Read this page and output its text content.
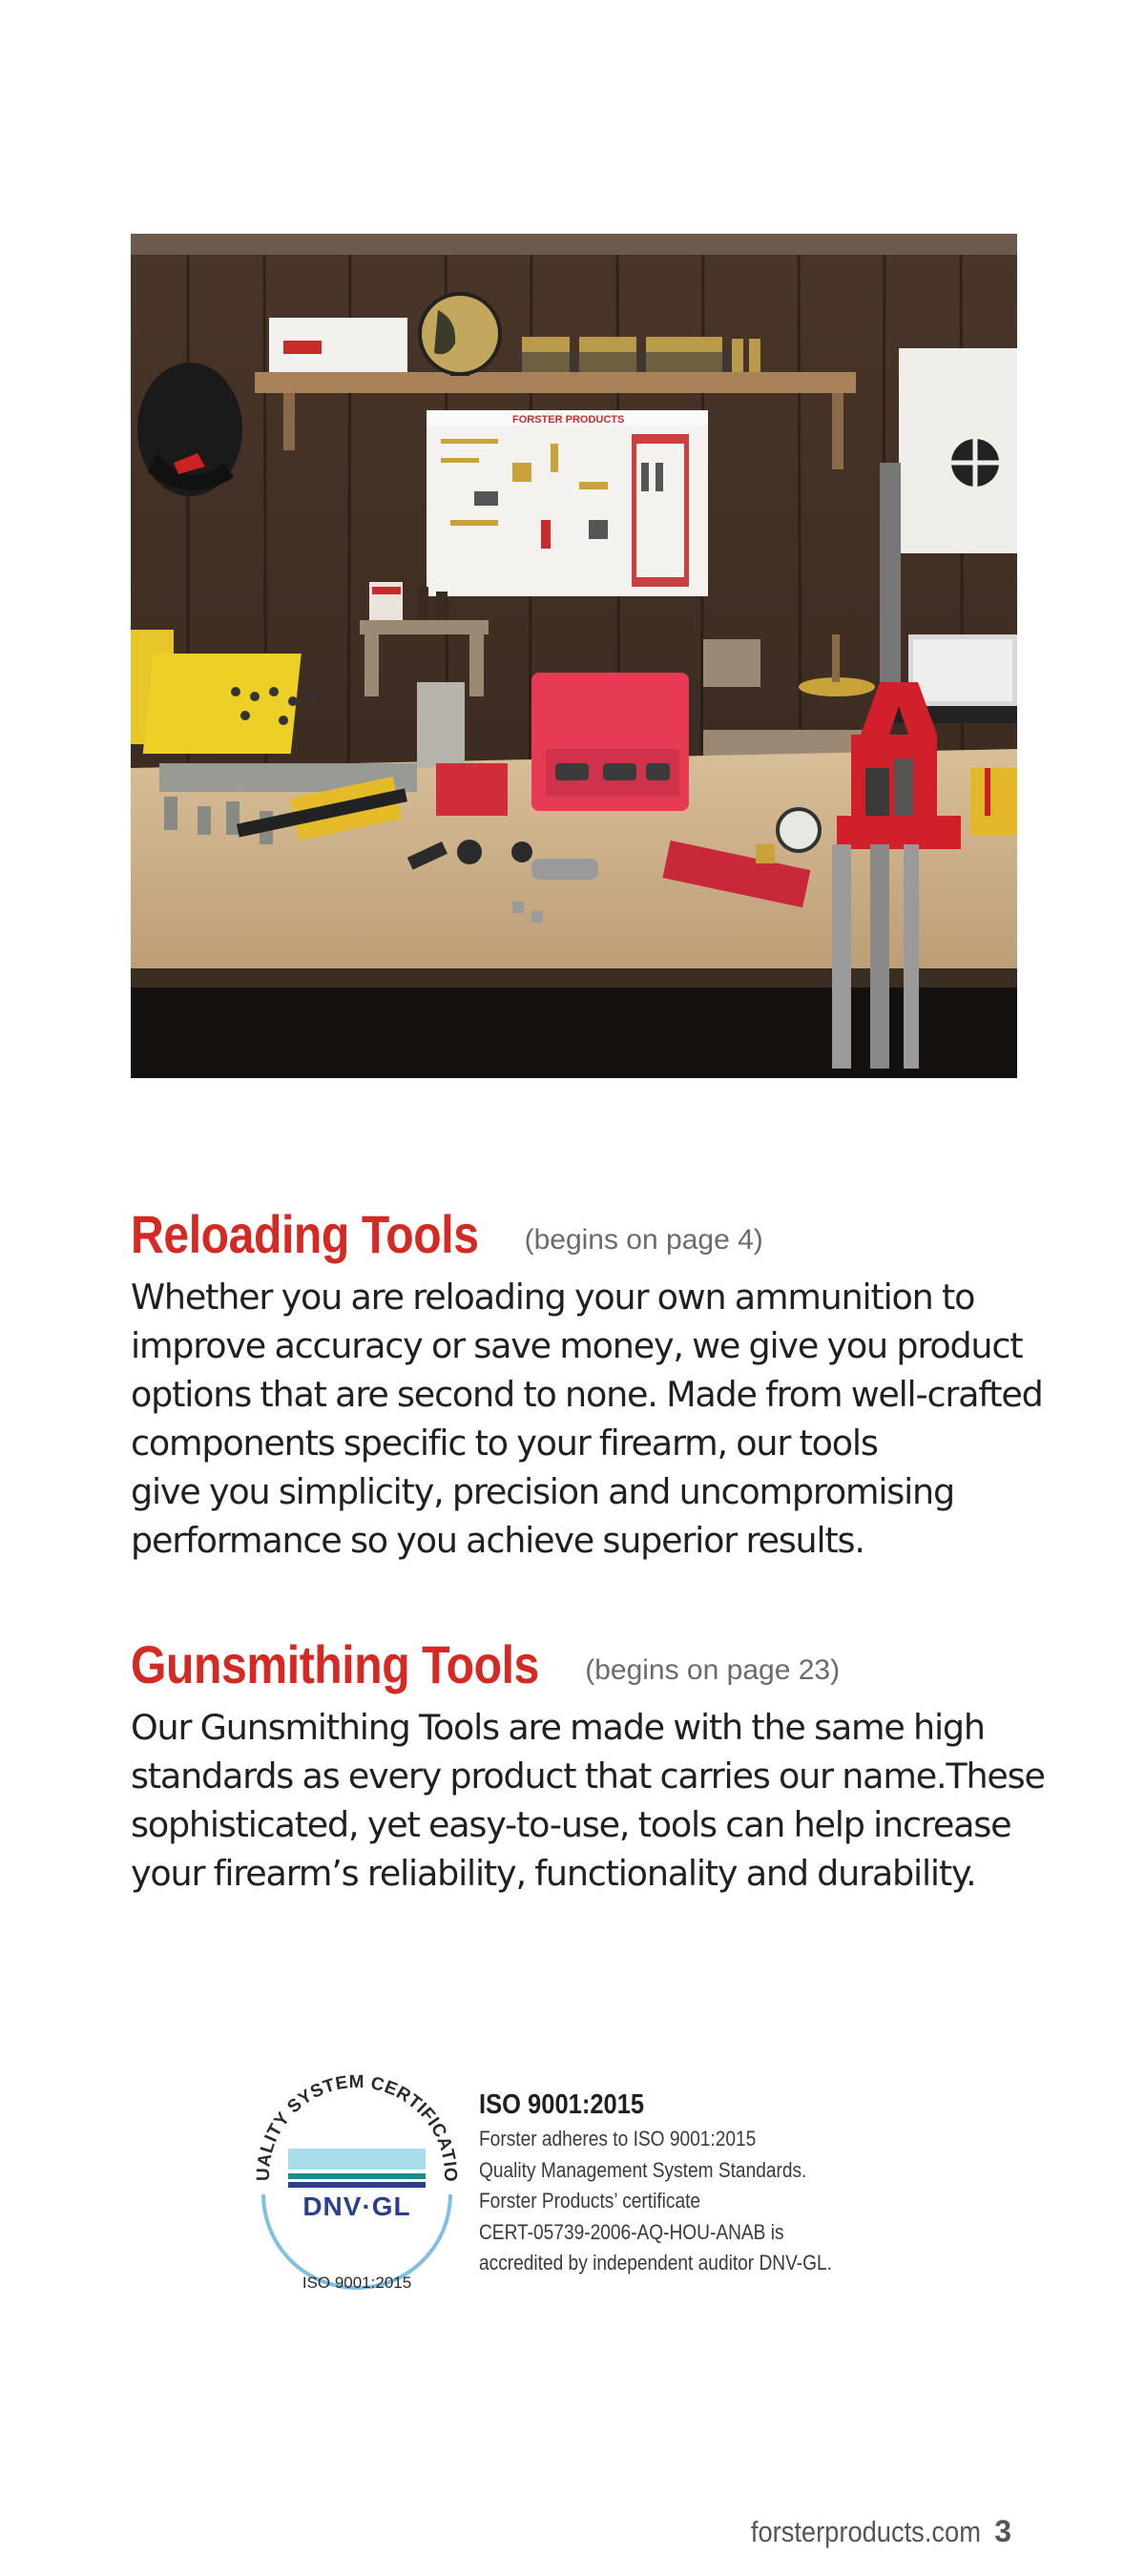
FORSTER PRODUCTS
Reloading Tools (begins on page 4)

Whether you are reloading your own ammunition to
improve accuracy or save money, we give you product
options that are second to none. Made from well-crafted
components specific to your firearm, our tools
give you simplicity, precision and uncompromising
performance so you achieve superior results.

Gunsmithing Tools (begins on page 23)

Our Gunsmithing Tools are made with the same high
standards as every product that carries our name.These
sophisticated, yet easy-to-use, tools can help increase
your firearm’s reliability, functionality and durability.

UALITY SYSTEM CERTIFICATIO
DNV·GL
ISO 9001:2015
ISO 9001:2015
Forster adheres to ISO 9001:2015
Quality Management System Standards.
Forster Products’ certificate
CERT-05739-2006-AQ-HOU-ANAB is
accredited by independent auditor DNV-GL.
forsterproducts.com 3
